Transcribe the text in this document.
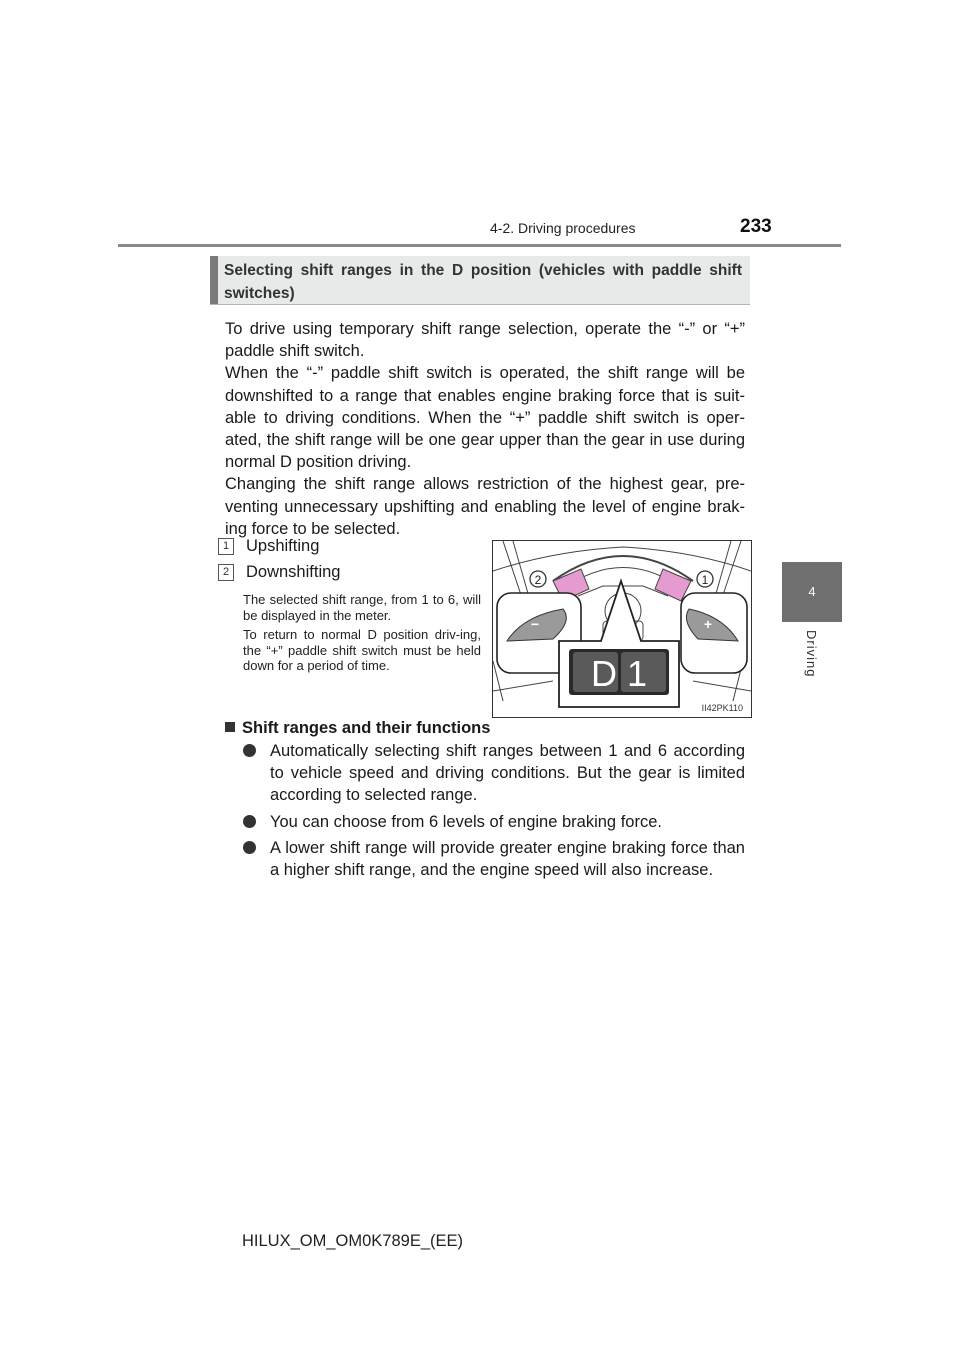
4-2. Driving procedures	233
4
Driving
Selecting shift ranges in the D position (vehicles with paddle shift switches)

To drive using temporary shift range selection, operate the “-” or “+” paddle shift switch.

When the “-” paddle shift switch is operated, the shift range will be downshifted to a range that enables engine braking force that is suit-able to driving conditions. When the “+” paddle shift switch is oper-ated, the shift range will be one gear upper than the gear in use during normal D position driving.

Changing the shift range allows restriction of the highest gear, pre-venting unnecessary upshifting and enabling the level of engine brak-ing force to be selected.

1 Upshifting
2 Downshifting
The selected shift range, from 1 to 6, will be displayed in the meter.
To return to normal D position driv-ing, the “+” paddle shift switch must be held down for a period of time.
2	1
−	+
D 1
II42PK110
Shift ranges and their functions
Automatically selecting shift ranges between 1 and 6 according to vehicle speed and driving conditions. But the gear is limited according to selected range.
You can choose from 6 levels of engine braking force.
A lower shift range will provide greater engine braking force than a higher shift range, and the engine speed will also increase.
HILUX_OM_OM0K789E_(EE)
